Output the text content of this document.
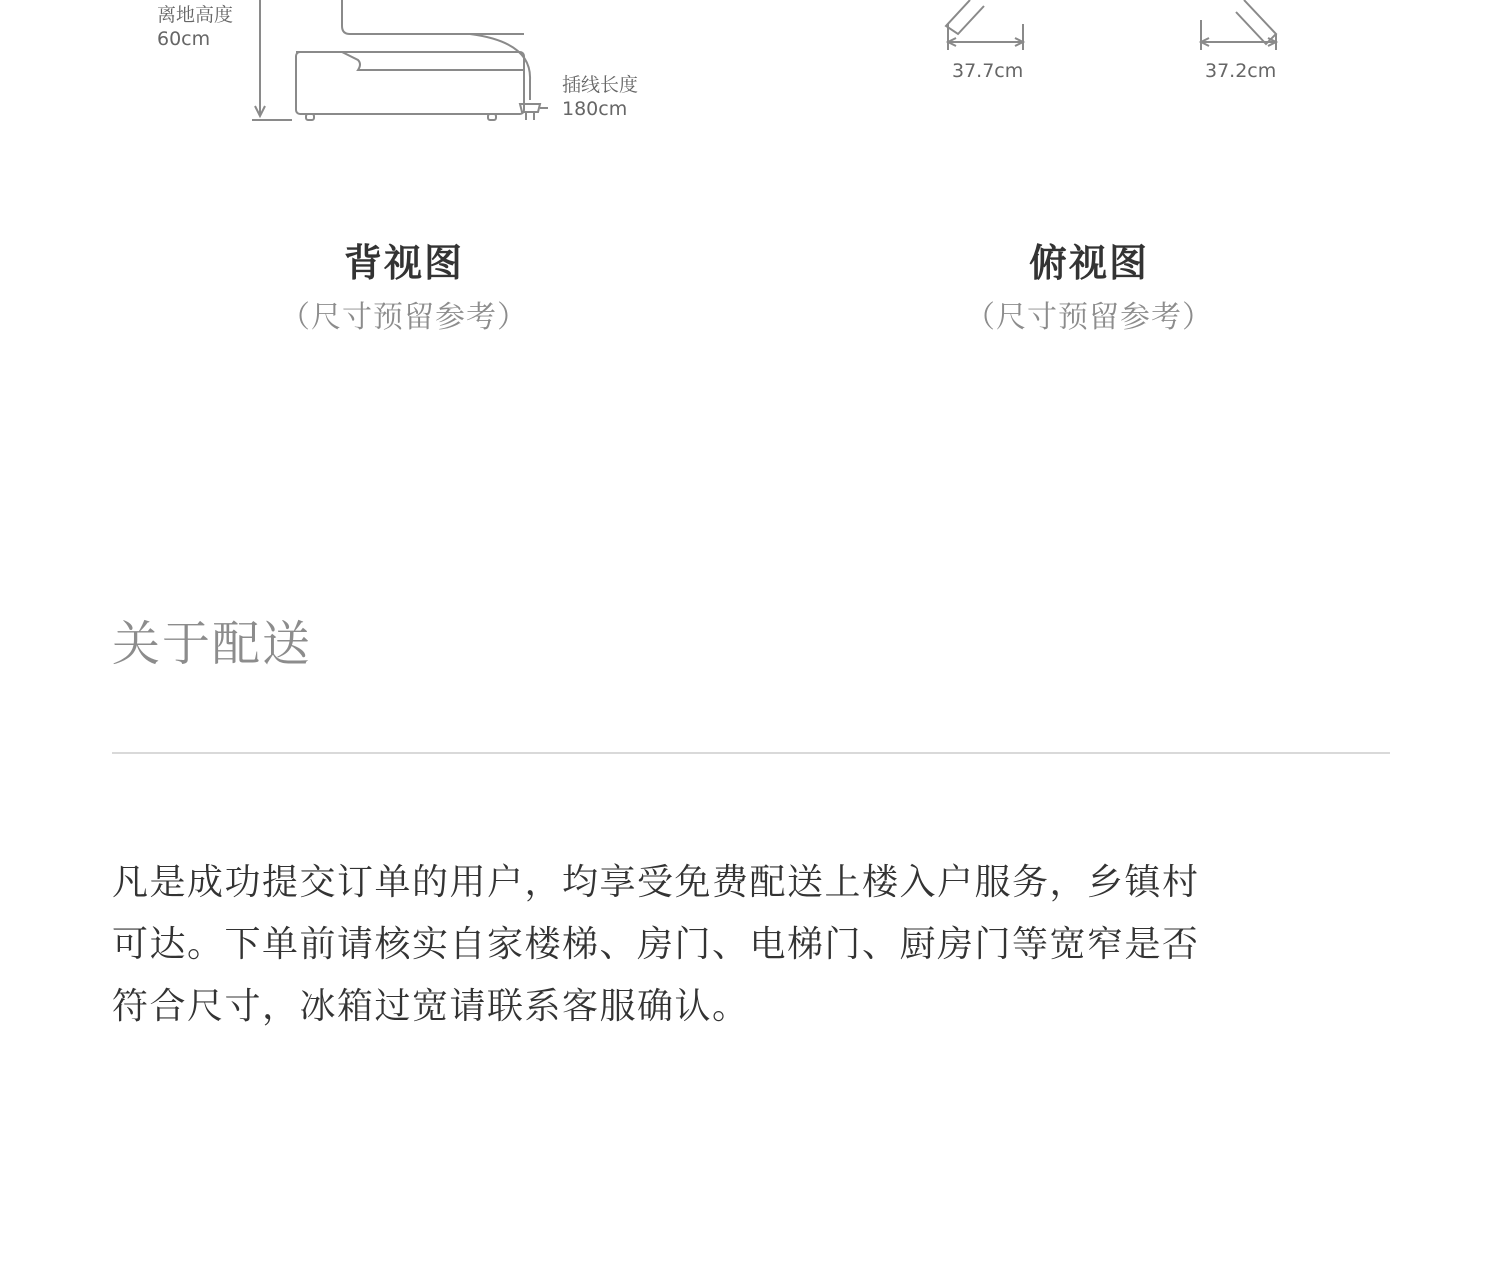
离地高度
60cm
插线长度
180cm
37.7cm	37.2cm
背视图
（尺寸预留参考）
俯视图
（尺寸预留参考）
关于配送
凡是成功提交订单的用户，均享受免费配送上楼入户服务，乡镇村
可达。下单前请核实自家楼梯、房门、电梯门、厨房门等宽窄是否
符合尺寸，冰箱过宽请联系客服确认。
